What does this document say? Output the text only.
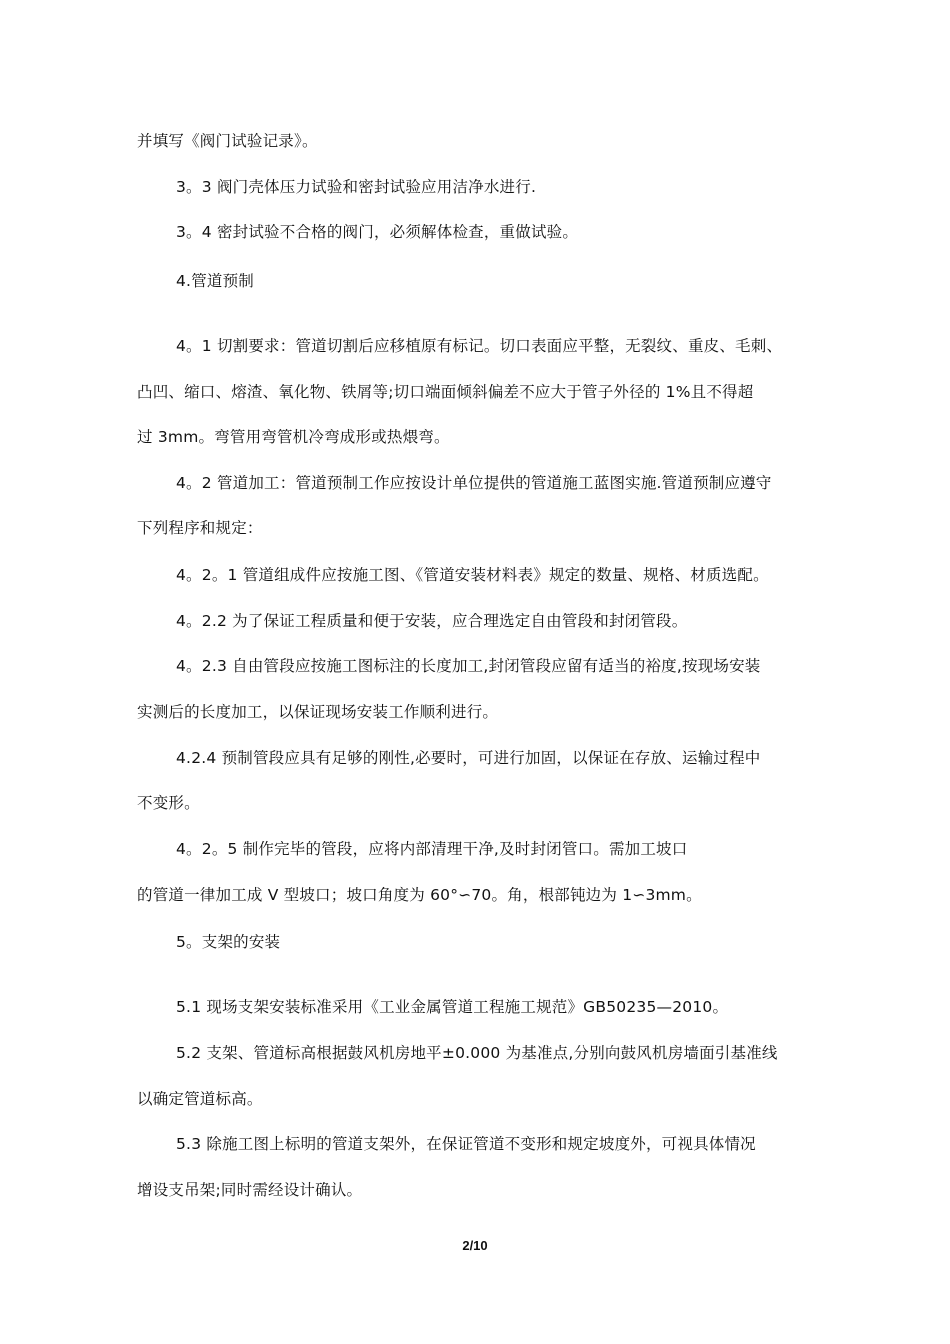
并填写《阀门试验记录》。
3。3 阀门壳体压力试验和密封试验应用洁净水进行.
3。4 密封试验不合格的阀门，必须解体检查，重做试验。
4.管道预制
4。1 切割要求：管道切割后应移植原有标记。切口表面应平整，无裂纹、重皮、毛刺、
凸凹、缩口、熔渣、氧化物、铁屑等;切口端面倾斜偏差不应大于管子外径的 1%且不得超
过 3mm。弯管用弯管机冷弯成形或热煨弯。
4。2 管道加工：管道预制工作应按设计单位提供的管道施工蓝图实施.管道预制应遵守
下列程序和规定：
4。2。1 管道组成件应按施工图、《管道安装材料表》规定的数量、规格、材质选配。
4。2.2 为了保证工程质量和便于安装，应合理选定自由管段和封闭管段。
4。2.3 自由管段应按施工图标注的长度加工,封闭管段应留有适当的裕度,按现场安装
实测后的长度加工，以保证现场安装工作顺利进行。
4.2.4 预制管段应具有足够的刚性,必要时，可进行加固，以保证在存放、运输过程中
不变形。
4。2。5 制作完毕的管段，应将内部清理干净,及时封闭管口。需加工坡口
的管道一律加工成 V 型坡口；坡口角度为 60°∽70。角，根部钝边为 1∽3mm。
5。支架的安装
5.1 现场支架安装标准采用《工业金属管道工程施工规范》GB50235—2010。
5.2 支架、管道标高根据鼓风机房地平±0.000 为基准点,分别向鼓风机房墙面引基准线
以确定管道标高。
5.3 除施工图上标明的管道支架外，在保证管道不变形和规定坡度外，可视具体情况
增设支吊架;同时需经设计确认。
2/10
